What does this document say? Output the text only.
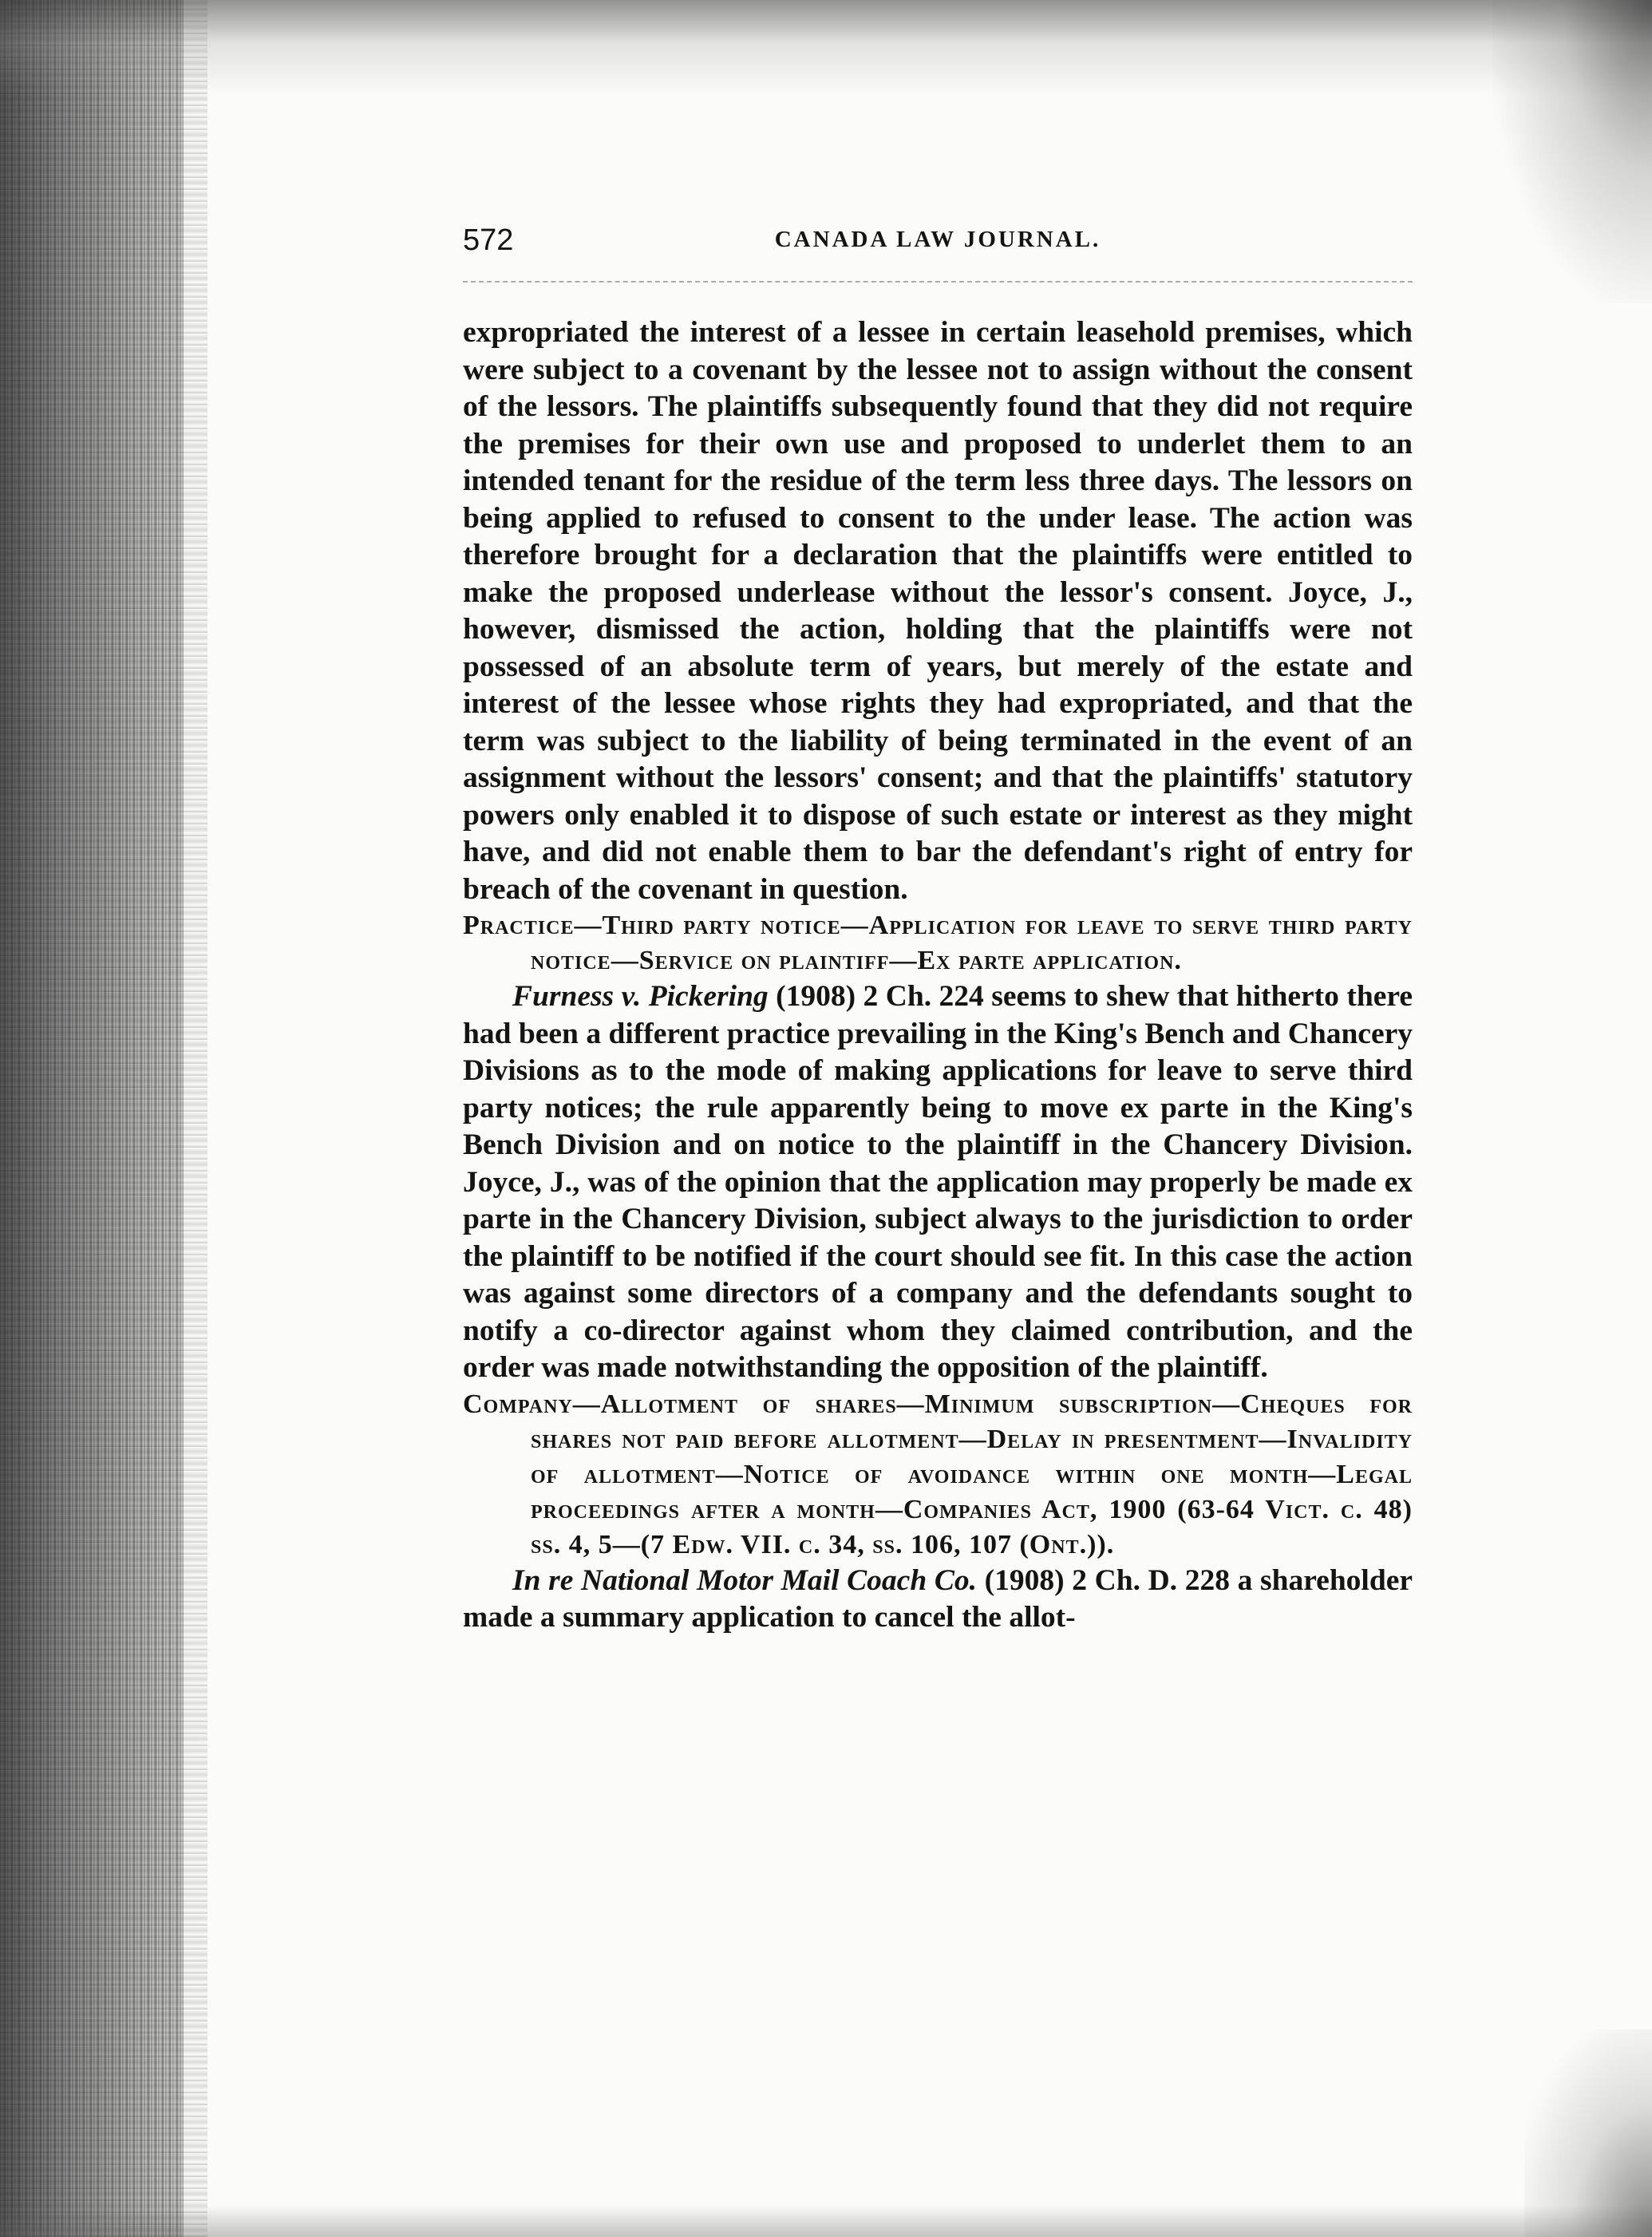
572	CANADA LAW JOURNAL.

expropriated the interest of a lessee in certain leasehold premises, which were subject to a covenant by the lessee not to assign without the consent of the lessors. The plaintiffs subsequently found that they did not require the premises for their own use and proposed to underlet them to an intended tenant for the residue of the term less three days. The lessors on being applied to refused to consent to the under lease. The action was therefore brought for a declaration that the plaintiffs were entitled to make the proposed underlease without the lessor's consent. Joyce, J., however, dismissed the action, holding that the plaintiffs were not possessed of an absolute term of years, but merely of the estate and interest of the lessee whose rights they had expropriated, and that the term was subject to the liability of being terminated in the event of an assignment without the lessors' consent; and that the plaintiffs' statutory powers only enabled it to dispose of such estate or interest as they might have, and did not enable them to bar the defendant's right of entry for breach of the covenant in question.

Practice—Third party notice—Application for leave to serve third party notice—Service on plaintiff—Ex parte application.

Furness v. Pickering (1908) 2 Ch. 224 seems to shew that hitherto there had been a different practice prevailing in the King's Bench and Chancery Divisions as to the mode of making applications for leave to serve third party notices; the rule apparently being to move ex parte in the King's Bench Division and on notice to the plaintiff in the Chancery Division. Joyce, J., was of the opinion that the application may properly be made ex parte in the Chancery Division, subject always to the jurisdiction to order the plaintiff to be notified if the court should see fit. In this case the action was against some directors of a company and the defendants sought to notify a co-director against whom they claimed contribution, and the order was made notwithstanding the opposition of the plaintiff.

Company—Allotment of shares—Minimum subscription—Cheques for shares not paid before allotment—Delay in presentment—Invalidity of allotment—Notice of avoidance within one month—Legal proceedings after a month—Companies Act, 1900 (63-64 Vict. c. 48) ss. 4, 5—(7 Edw. VII. c. 34, ss. 106, 107 (Ont.)).

In re National Motor Mail Coach Co. (1908) 2 Ch. D. 228 a shareholder made a summary application to cancel the allot-
